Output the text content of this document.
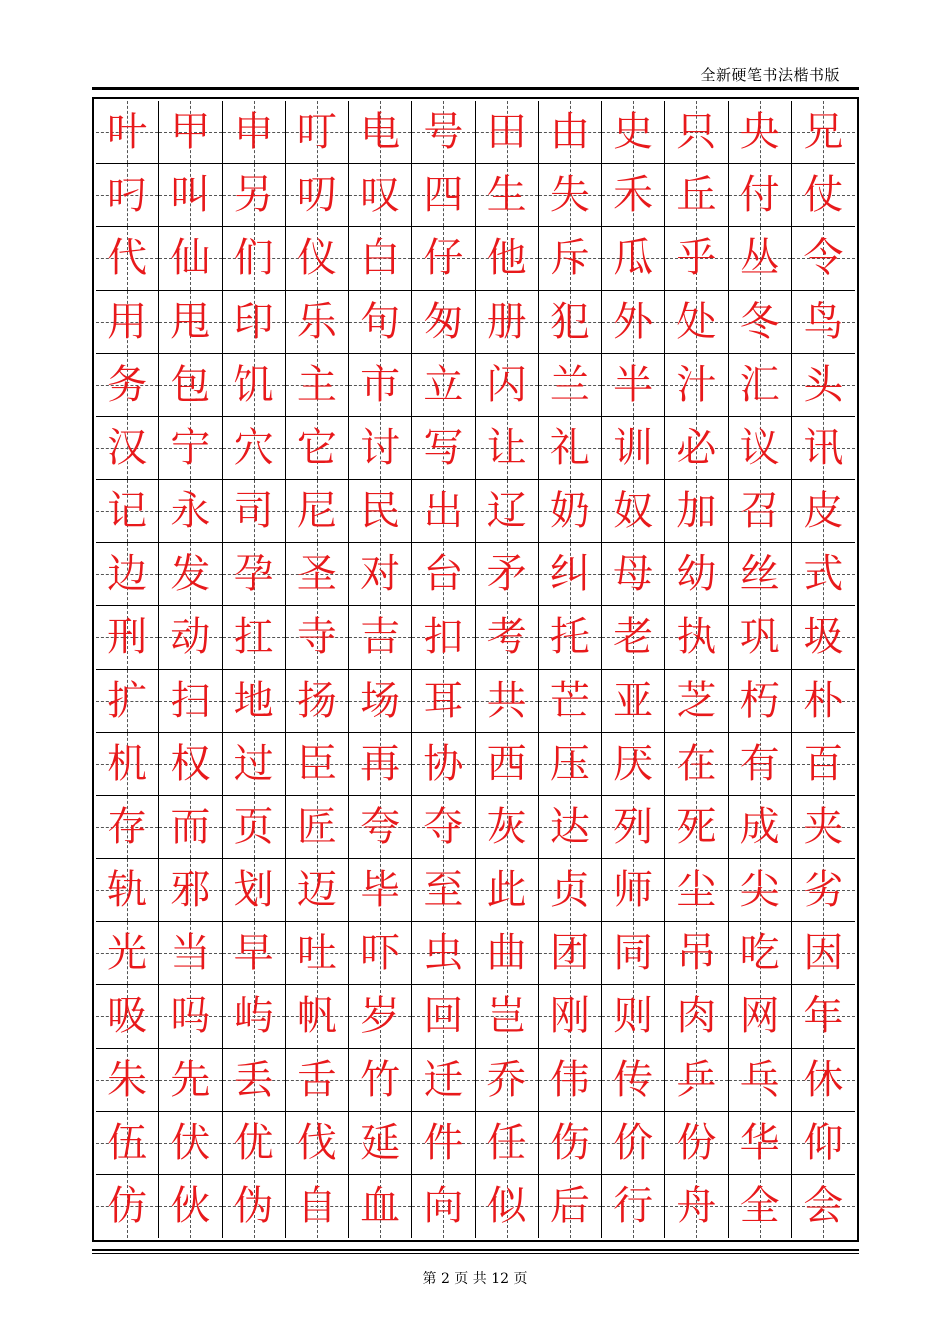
全新硬笔书法楷书版
叶 甲 申 叮 电 号 田 由 史 只 央 兄
叼 叫 另 叨 叹 四 生 失 禾 丘 付 仗
代 仙 们 仪 白 仔 他 斥 瓜 乎 丛 令
用 甩 印 乐 句 匆 册 犯 外 处 冬 鸟
务 包 饥 主 市 立 闪 兰 半 汁 汇 头
汉 宁 穴 它 讨 写 让 礼 训 必 议 讯
记 永 司 尼 民 出 辽 奶 奴 加 召 皮
边 发 孕 圣 对 台 矛 纠 母 幼 丝 式
刑 动 扛 寺 吉 扣 考 托 老 执 巩 圾
扩 扫 地 扬 场 耳 共 芒 亚 芝 朽 朴
机 权 过 臣 再 协 西 压 厌 在 有 百
存 而 页 匠 夸 夺 灰 达 列 死 成 夹
轨 邪 划 迈 毕 至 此 贞 师 尘 尖 劣
光 当 早 吐 吓 虫 曲 团 同 吊 吃 因
吸 吗 屿 帆 岁 回 岂 刚 则 肉 网 年
朱 先 丢 舌 竹 迁 乔 伟 传 乒 乓 休
伍 伏 优 伐 延 件 任 伤 价 份 华 仰
仿 伙 伪 自 血 向 似 后 行 舟 全 会
第 2 页 共 12 页
